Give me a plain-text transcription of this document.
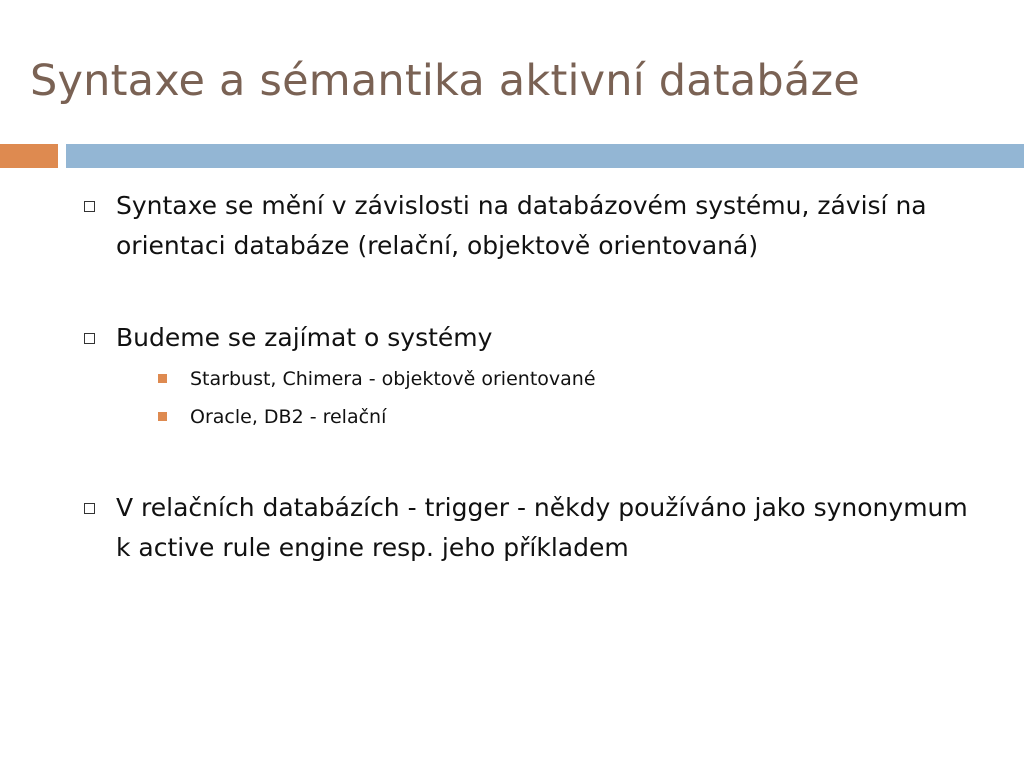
Syntaxe a sémantika aktivní databáze
Syntaxe se mění v závislosti na databázovém systému, závisí na orientaci databáze (relační, objektově orientovaná)
Budeme se zajímat o systémy
Starbust, Chimera - objektově orientované
Oracle, DB2 - relační
V relačních databázích - trigger - někdy používáno jako synonymum k active rule engine resp. jeho příkladem
